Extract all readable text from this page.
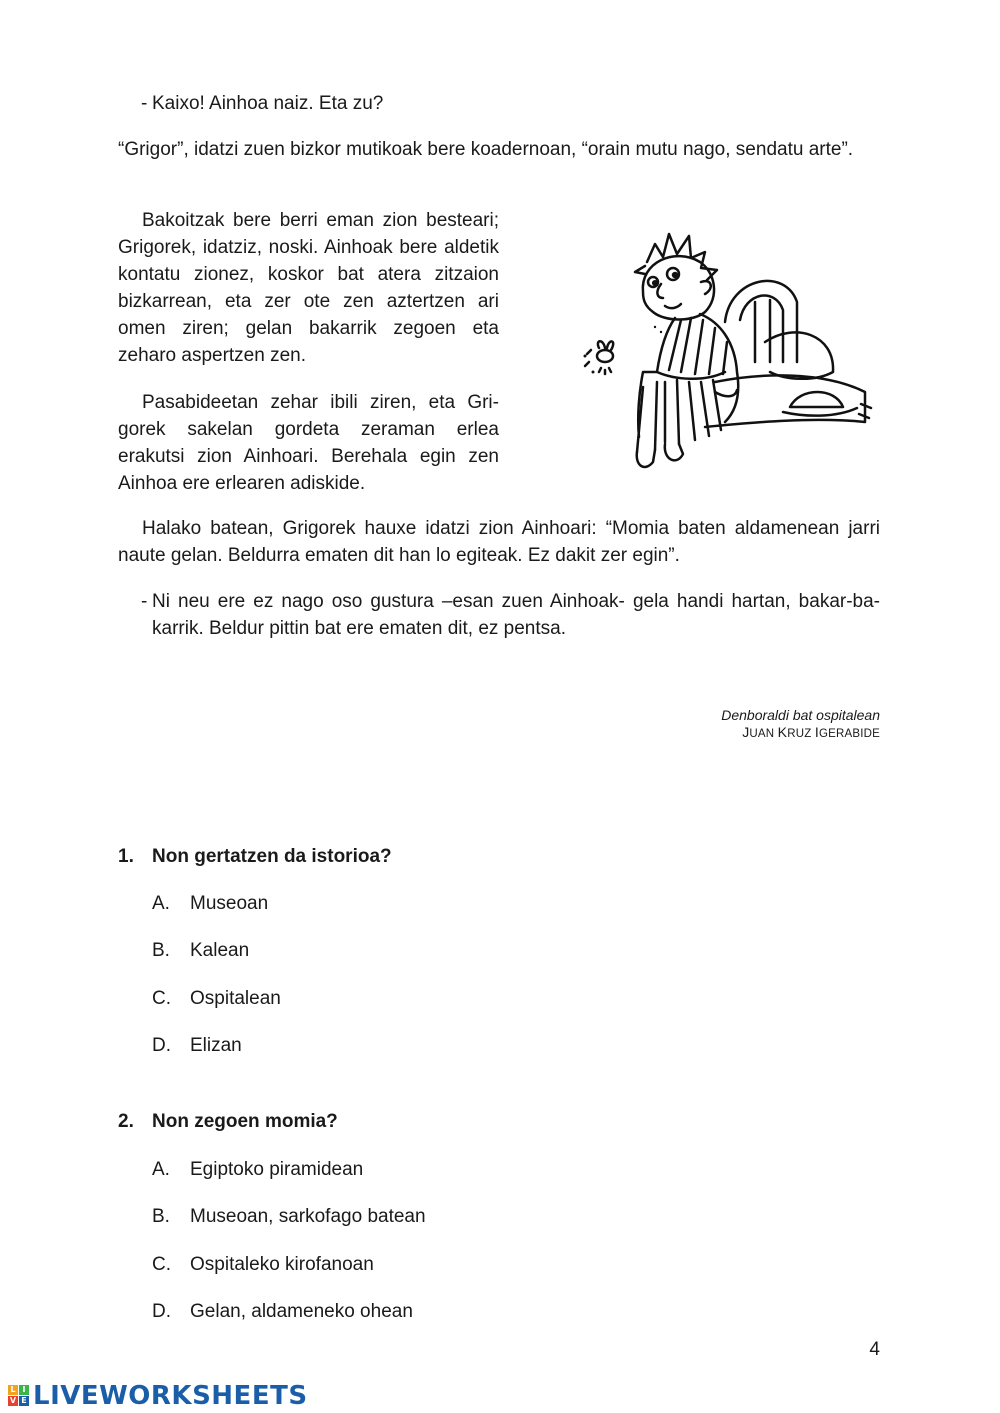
- Kaixo! Ainhoa naiz. Eta zu?

“Grigor”, idatzi zuen bizkor mutikoak bere koadernoan, “orain mutu nago, sendatu arte”.

Bakoitzak bere berri eman zion besteari; Grigorek, idatziz, noski. Ainhoak bere aldetik kontatu zionez, koskor bat atera zitzaion bizkarrean, eta zer ote zen aztertzen ari omen ziren; gelan bakarrik zegoen eta zeharo aspertzen zen.

Pasabideetan zehar ibili ziren, eta Grigorek sakelan gordeta zeraman erlea erakutsi zion Ainhoari. Berehala egin zen Ainhoa ere erlearen adiskide.

Halako batean, Grigorek hauxe idatzi zion Ainhoari: “Momia baten aldamenean jarri naute gelan. Beldurra ematen dit han lo egiteak. Ez dakit zer egin”.

- Ni neu ere ez nago oso gustura –esan zuen Ainhoak- gela handi hartan, bakar-bakarrik. Beldur pittin bat ere ematen dit, ez pentsa.

Denboraldi bat ospitalean
JUAN KRUZ IGERABIDE
1. Non gertatzen da istorioa?
A.	Museoan
B.	Kalean
C.	Ospitalean
D.	Elizan
2. Non zegoen momia?
A.	Egiptoko piramidean
B.	Museoan, sarkofago batean
C.	Ospitaleko kirofanoan
D.	Gelan, aldameneko ohean
4
L I
V E LIVEWORKSHEETS
